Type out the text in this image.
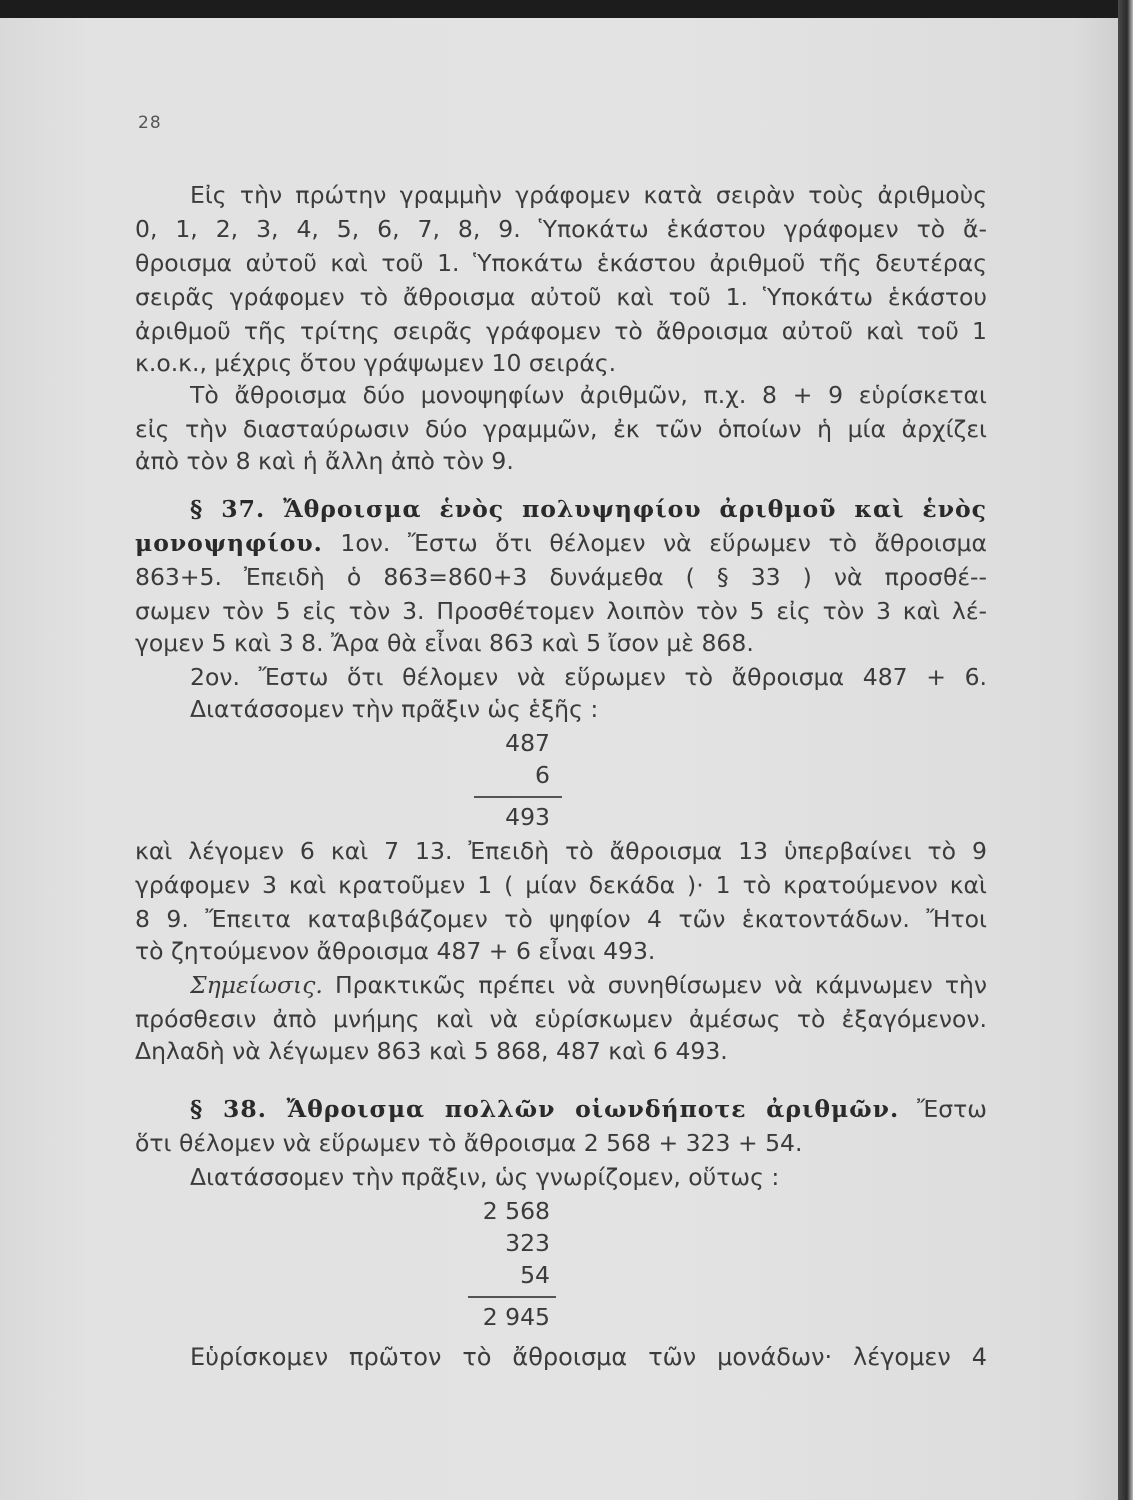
28
Εἰς τὴν πρώτην γραμμὴν γράφομεν κατὰ σειρὰν τοὺς ἀριθμοὺς
0, 1, 2, 3, 4, 5, 6, 7, 8, 9. Ὑποκάτω ἑκάστου γράφομεν τὸ ἄ-
θροισμα αὐτοῦ καὶ τοῦ 1. Ὑποκάτω ἑκάστου ἀριθμοῦ τῆς δευτέρας
σειρᾶς γράφομεν τὸ ἄθροισμα αὐτοῦ καὶ τοῦ 1. Ὑποκάτω ἑκάστου
ἀριθμοῦ τῆς τρίτης σειρᾶς γράφομεν τὸ ἄθροισμα αὐτοῦ καὶ τοῦ 1
κ.ο.κ., μέχρις ὅτου γράψωμεν 10 σειράς.
Τὸ ἄθροισμα δύο μονοψηφίων ἀριθμῶν, π.χ. 8 + 9 εὑρίσκεται
εἰς τὴν διασταύρωσιν δύο γραμμῶν, ἐκ τῶν ὁποίων ἡ μία ἀρχίζει
ἀπὸ τὸν 8 καὶ ἡ ἄλλη ἀπὸ τὸν 9.
§ 37. Ἄθροισμα ἑνὸς πολυψηφίου ἀριθμοῦ καὶ ἑνὸς
μονοψηφίου. 1ον. Ἔστω ὅτι θέλομεν νὰ εὕρωμεν τὸ ἄθροισμα
863+5. Ἐπειδὴ ὁ 863=860+3 δυνάμεθα ( § 33 ) νὰ προσθέ--
σωμεν τὸν 5 εἰς τὸν 3. Προσθέτομεν λοιπὸν τὸν 5 εἰς τὸν 3 καὶ λέ-
γομεν 5 καὶ 3 8. Ἄρα θὰ εἶναι 863 καὶ 5 ἴσον μὲ 868.
2ον. Ἔστω ὅτι θέλομεν νὰ εὕρωμεν τὸ ἄθροισμα 487 + 6.
Διατάσσομεν τὴν πρᾶξιν ὡς ἑξῆς :
487
6
493
καὶ λέγομεν 6 καὶ 7 13. Ἐπειδὴ τὸ ἄθροισμα 13 ὑπερβαίνει τὸ 9
γράφομεν 3 καὶ κρατοῦμεν 1 ( μίαν δεκάδα )· 1 τὸ κρατούμενον καὶ
8 9. Ἔπειτα καταβιβάζομεν τὸ ψηφίον 4 τῶν ἑκατοντάδων. Ἤτοι
τὸ ζητούμενον ἄθροισμα 487 + 6 εἶναι 493.
Σημείωσις. Πρακτικῶς πρέπει νὰ συνηθίσωμεν νὰ κάμνωμεν τὴν
πρόσθεσιν ἀπὸ μνήμης καὶ νὰ εὑρίσκωμεν ἀμέσως τὸ ἐξαγόμενον.
Δηλαδὴ νὰ λέγωμεν 863 καὶ 5 868, 487 καὶ 6 493.
§ 38. Ἄθροισμα πολλῶν οἱωνδήποτε ἀριθμῶν. Ἔστω
ὅτι θέλομεν νὰ εὕρωμεν τὸ ἄθροισμα 2 568 + 323 + 54.
Διατάσσομεν τὴν πρᾶξιν, ὡς γνωρίζομεν, οὕτως :
2 568
323
54
2 945
Εὑρίσκομεν πρῶτον τὸ ἄθροισμα τῶν μονάδων· λέγομεν 4
